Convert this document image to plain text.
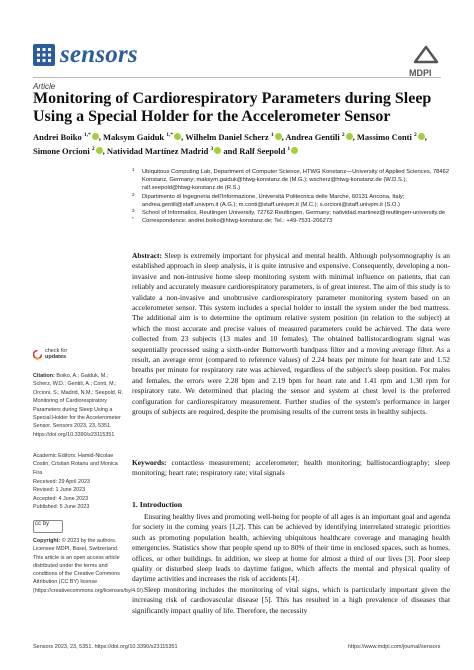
sensors
MDPI
Article
Monitoring of Cardiorespiratory Parameters during Sleep Using a Special Holder for the Accelerometer Sensor
Andrei Boiko $^{1,*}$ , Maksym Gaiduk $^{1,*}$ , Wilhelm Daniel Scherz $^1$ , Andrea Gentili $^2$ , Massimo Conti $^2$ , Simone Orcioni $^2$ , Natividad Martínez Madrid $^3$ and Ralf Seepold $^1$
1 Ubiquitous Computing Lab, Department of Computer Science, HTWG Konstanz—University of Applied Sciences, 78462 Konstanz, Germany; maksym.gaiduk@htwg-konstanz.de (M.G.); wscherz@htwg-konstanz.de (W.D.S.); ralf.seepold@htwg-konstanz.de (R.S.)
2 Dipartimento di Ingegneria dell'Informazione, Università Politecnica delle Marche, 60131 Ancona, Italy; andrea.gentili@staff.univpm.it (A.G.); m.conti@staff.univpm.it (M.C.); s.orcioni@staff.univpm.it (S.O.)
3 School of Informatics, Reutlingen University, 72762 Reutlingen, Germany; natividad.martinez@reutlingen-university.de
* Correspondence: andrei.boiko@htwg-konstanz.de; Tel.: +49-7531-206273
Abstract: Sleep is extremely important for physical and mental health. Although polysomnography is an established approach in sleep analysis, it is quite intrusive and expensive. Consequently, developing a non-invasive and non-intrusive home sleep monitoring system with minimal influence on patients, that can reliably and accurately measure cardiorespiratory parameters, is of great interest. The aim of this study is to validate a non-invasive and unobtrusive cardiorespiratory parameter monitoring system based on an accelerometer sensor. This system includes a special holder to install the system under the bed mattress. The additional aim is to determine the optimum relative system position (in relation to the subject) at which the most accurate and precise values of measured parameters could be achieved. The data were collected from 23 subjects (13 males and 10 females). The obtained ballistocardiogram signal was sequentially processed using a sixth-order Butterworth bandpass filter and a moving average filter. As a result, an average error (compared to reference values) of 2.24 beats per minute for heart rate and 1.52 breaths per minute for respiratory rate was achieved, regardless of the subject's sleep position. For males and females, the errors were 2.28 bpm and 2.19 bpm for heart rate and 1.41 rpm and 1.30 rpm for respiratory rate. We determined that placing the sensor and system at chest level is the preferred configuration for cardiorespiratory measurement. Further studies of the system's performance in larger groups of subjects are required, despite the promising results of the current tests in healthy subjects.
Keywords: contactless measurement; accelerometer; health monitoring; ballistocardiography; sleep monitoring; heart rate; respiratory rate; vital signals
check for
updates
Citation: Boiko, A.; Gaiduk, M.; Scherz, W.D.; Gentili, A.; Conti, M.; Orcioni, S.; Madrid, N.M.; Seepold, R. Monitoring of Cardiorespiratory Parameters during Sleep Using a Special Holder for the Accelerometer Sensor. Sensors 2023, 23, 5351. https://doi.org/10.3390/s23115351
Academic Editors: Hamid-Nicolae Costin, Cristian Rotariu and Monica Fira
Received: 29 April 2023
Revised: 1 June 2023
Accepted: 4 June 2023
Published: 5 June 2023
cc by
Copyright: © 2023 by the authors. Licensee MDPI, Basel, Switzerland. This article is an open access article distributed under the terms and conditions of the Creative Commons Attribution (CC BY) license (https://creativecommons.org/licenses/by/4.0/).
1. Introduction

Ensuring healthy lives and promoting well-being for people of all ages is an important goal and agenda for society in the coming years [1,2]. This can be achieved by identifying interrelated strategic priorities such as promoting population health, achieving ubiquitous healthcare coverage and managing health emergencies. Statistics show that people spend up to 80% of their time in enclosed spaces, such as homes, offices, or other buildings. In addition, we sleep at home for almost a third of our lives [3]. Poor sleep quality or disturbed sleep leads to daytime fatigue, which affects the mental and physical quality of daytime activities and increases the risk of accidents [4].

Sleep monitoring includes the monitoring of vital signs, which is particularly important given the increasing risk of cardiovascular disease [5]. This has resulted in a high prevalence of diseases that significantly impact quality of life. Therefore, the necessity

Sensors 2023, 23, 5351. https://doi.org/10.3390/s23115351	https://www.mdpi.com/journal/sensors
